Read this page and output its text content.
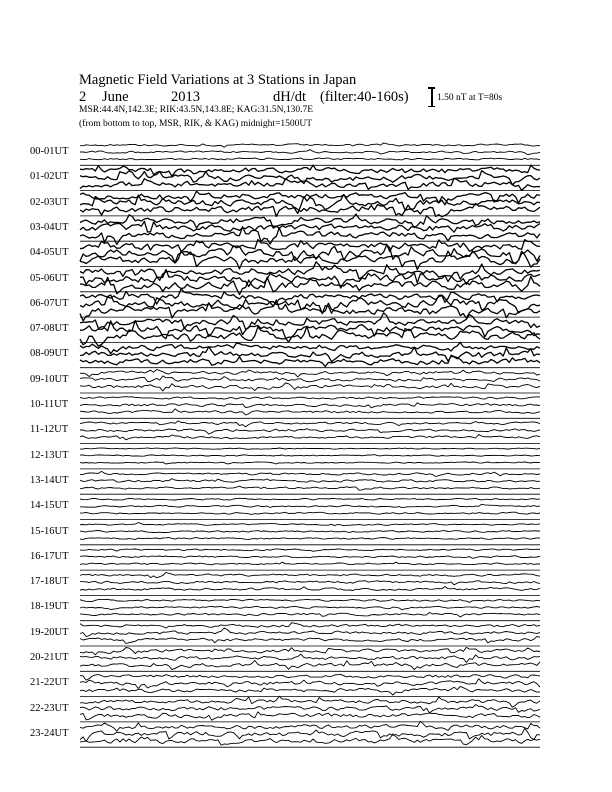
Magnetic Field Variations at 3 Stations in Japan
2 June	2013	dH/dt (filter:40-160s)
MSR:44.4N,142.3E; RIK:43.5N,143.8E; KAG:31.5N,130.7E
(from bottom to top, MSR, RIK, & KAG) midnight=1500UT
1.50 nT at T=80s
00-01UT
01-02UT
02-03UT
03-04UT
04-05UT
05-06UT
06-07UT
07-08UT
08-09UT
09-10UT
10-11UT
11-12UT
12-13UT
13-14UT
14-15UT
15-16UT
16-17UT
17-18UT
18-19UT
19-20UT
20-21UT
21-22UT
22-23UT
23-24UT
